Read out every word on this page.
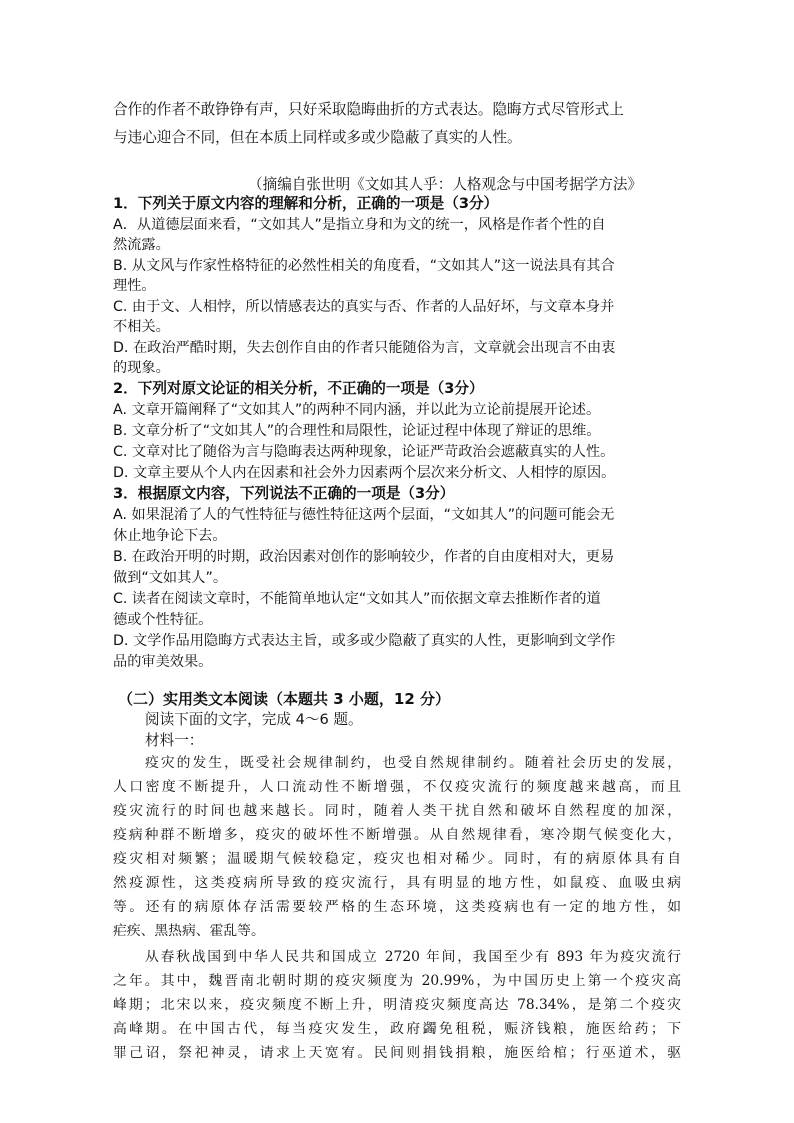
合作的作者不敢铮铮有声，只好采取隐晦曲折的方式表达。隐晦方式尽管形式上
与违心迎合不同，但在本质上同样或多或少隐蔽了真实的人性。
（摘编自张世明《文如其人乎：人格观念与中国考据学方法》
1．下列关于原文内容的理解和分析，正确的一项是（3分）
A．从道德层面来看，“文如其人”是指立身和为文的统一，风格是作者个性的自
然流露。
B. 从文风与作家性格特征的必然性相关的角度看，“文如其人”这一说法具有其合
理性。
C. 由于文、人相悖，所以情感表达的真实与否、作者的人品好坏，与文章本身并
不相关。
D. 在政治严酷时期，失去创作自由的作者只能随俗为言，文章就会出现言不由衷
的现象。
2．下列对原文论证的相关分析，不正确的一项是（3分）
A. 文章开篇阐释了“文如其人”的两种不同内涵，并以此为立论前提展开论述。
B. 文章分析了“文如其人”的合理性和局限性，论证过程中体现了辩证的思维。
C. 文章对比了随俗为言与隐晦表达两种现象，论证严苛政治会遮蔽真实的人性。
D. 文章主要从个人内在因素和社会外力因素两个层次来分析文、人相悖的原因。
3．根据原文内容，下列说法不正确的一项是（3分）
A. 如果混淆了人的气性特征与德性特征这两个层面，“文如其人”的问题可能会无
休止地争论下去。
B. 在政治开明的时期，政治因素对创作的影响较少，作者的自由度相对大，更易
做到“文如其人”。
C. 读者在阅读文章时，不能简单地认定“文如其人”而依据文章去推断作者的道
德或个性特征。
D. 文学作品用隐晦方式表达主旨，或多或少隐蔽了真实的人性，更影响到文学作
品的审美效果。
（二）实用类文本阅读（本题共 3 小题，12 分）
阅读下面的文字，完成 4～6 题。
材料一：
疫灾的发生，既受社会规律制约，也受自然规律制约。随着社会历史的发展，
人口密度不断提升，人口流动性不断增强，不仅疫灾流行的频度越来越高，而且
疫灾流行的时间也越来越长。同时，随着人类干扰自然和破坏自然程度的加深，
疫病种群不断增多，疫灾的破坏性不断增强。从自然规律看，寒冷期气候变化大，
疫灾相对频繁；温暖期气候较稳定，疫灾也相对稀少。同时，有的病原体具有自
然疫源性，这类疫病所导致的疫灾流行，具有明显的地方性，如鼠疫、血吸虫病
等。还有的病原体存活需要较严格的生态环境，这类疫病也有一定的地方性，如
疟疾、黑热病、霍乱等。
从春秋战国到中华人民共和国成立 2720 年间，我国至少有 893 年为疫灾流行
之年。其中，魏晋南北朝时期的疫灾频度为 20.99%，为中国历史上第一个疫灾高
峰期；北宋以来，疫灾频度不断上升，明清疫灾频度高达 78.34%，是第二个疫灾
高峰期。在中国古代，每当疫灾发生，政府蠲免租税，赈济钱粮，施医给药；下
罪己诏，祭祀神灵，请求上天宽宥。民间则捐钱捐粮，施医给棺；行巫道术，驱
